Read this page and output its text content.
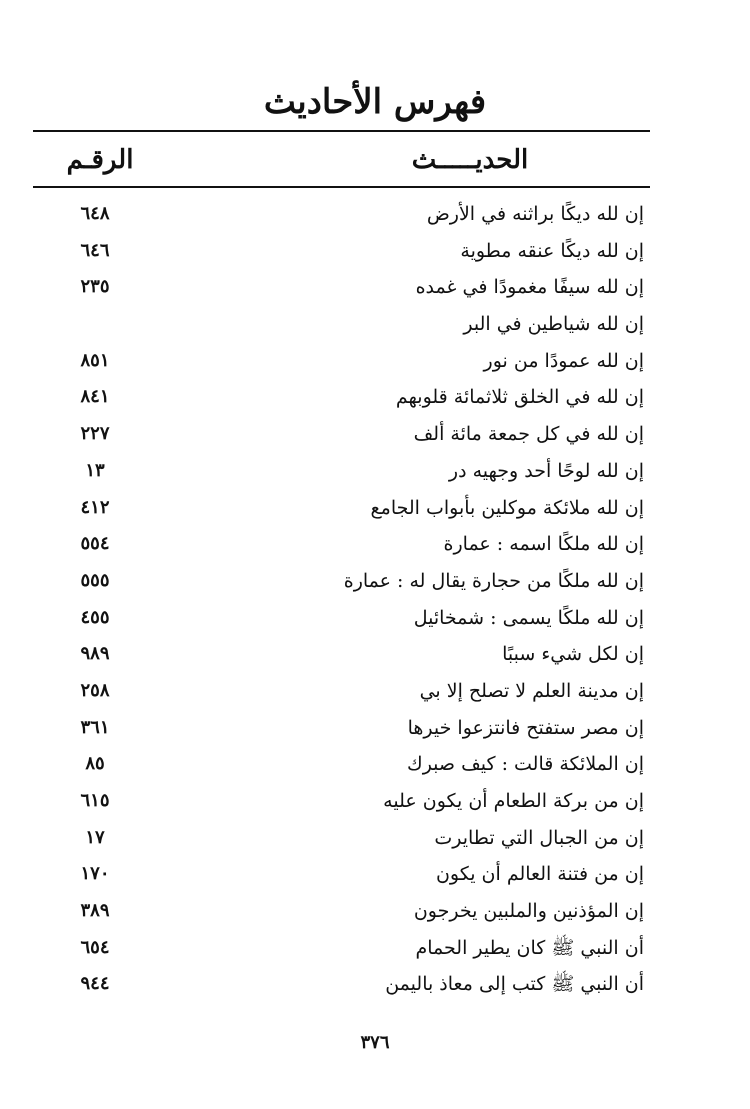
فهرس الأحاديث
الحديـــــث
الرقـم
إن لله ديكًا براثنه في الأرض
٦٤٨
إن لله ديكًا عنقه مطوية
٦٤٦
إن لله سيفًا مغمودًا في غمده
٢٣٥
إن لله شياطين في البر
إن لله عمودًا من نور
٨٥١
إن لله في الخلق ثلاثمائة قلوبهم
٨٤١
إن لله في كل جمعة مائة ألف
٢٢٧
إن لله لوحًا أحد وجهيه در
١٣
إن لله ملائكة موكلين بأبواب الجامع
٤١٢
إن لله ملكًا اسمه : عمارة
٥٥٤
إن لله ملكًا من حجارة يقال له : عمارة
٥٥٥
إن لله ملكًا يسمى : شمخائيل
٤٥٥
إن لكل شيء سببًا
٩٨٩
إن مدينة العلم لا تصلح إلا بي
٢٥٨
إن مصر ستفتح فانتزعوا خيرها
٣٦١
إن الملائكة قالت : كيف صبرك
٨٥
إن من بركة الطعام أن يكون عليه
٦١٥
إن من الجبال التي تطايرت
١٧
إن من فتنة العالم أن يكون
١٧٠
إن المؤذنين والملبين يخرجون
٣٨٩
أن النبي ﷺ كان يطير الحمام
٦٥٤
أن النبي ﷺ كتب إلى معاذ باليمن
٩٤٤
٣٧٦
